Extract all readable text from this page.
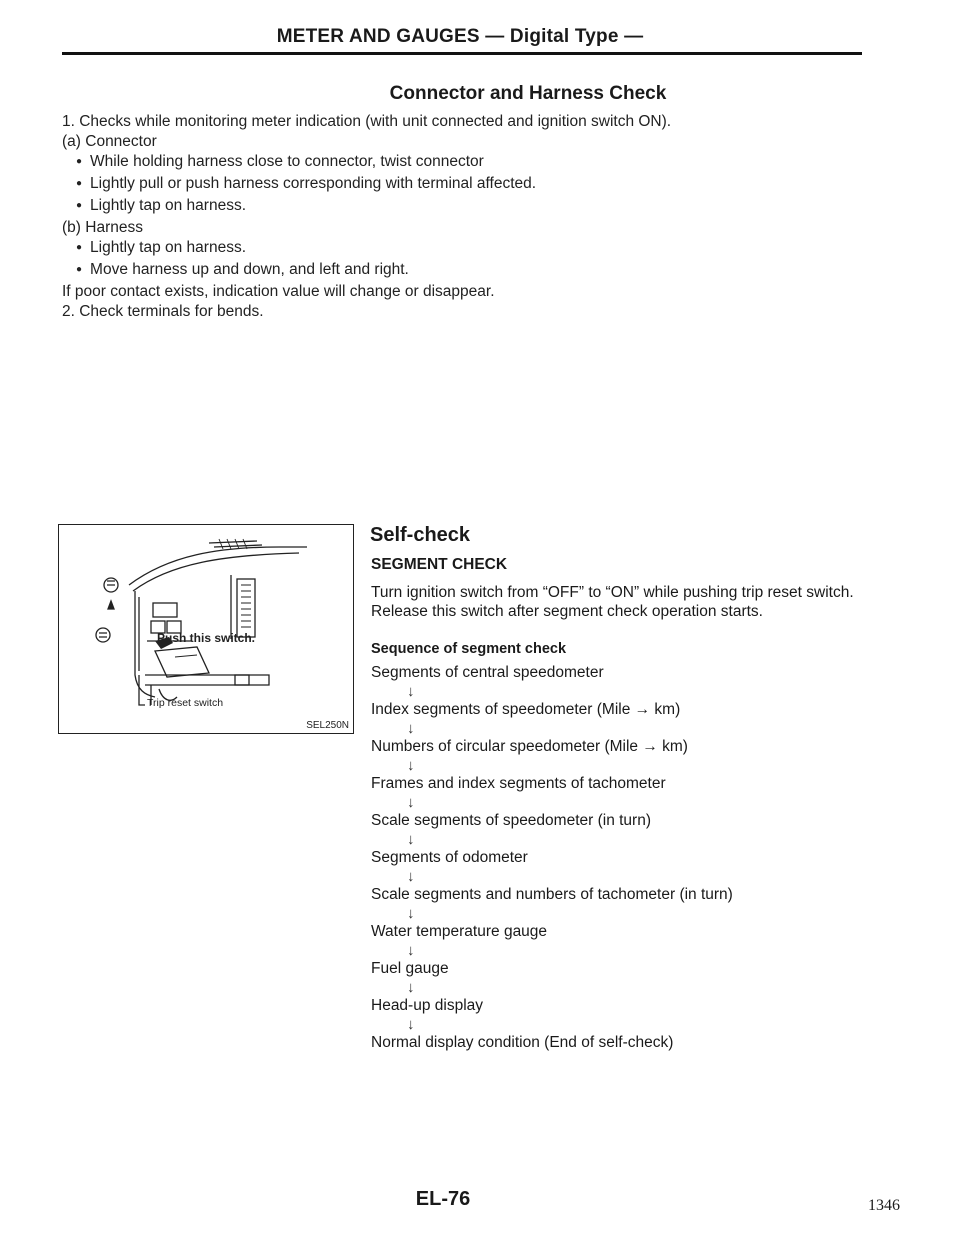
METER AND GAUGES — Digital Type —
Connector and Harness Check
1. Checks while monitoring meter indication (with unit connected and ignition switch ON).
(a) Connector
● While holding harness close to connector, twist connector
● Lightly pull or push harness corresponding with terminal affected.
● Lightly tap on harness.
(b) Harness
● Lightly tap on harness.
● Move harness up and down, and left and right.
If poor contact exists, indication value will change or disappear.
2. Check terminals for bends.
Push this switch.
Trip reset switch
SEL250N
Self-check
SEGMENT CHECK
Turn ignition switch from “OFF” to “ON” while pushing trip reset switch. Release this switch after segment check operation starts.
Sequence of segment check
Segments of central speedometer
↓
Index segments of speedometer (Mile → km)
↓
Numbers of circular speedometer (Mile → km)
↓
Frames and index segments of tachometer
↓
Scale segments of speedometer (in turn)
↓
Segments of odometer
↓
Scale segments and numbers of tachometer (in turn)
↓
Water temperature gauge
↓
Fuel gauge
↓
Head-up display
↓
Normal display condition (End of self-check)
EL-76	1346
